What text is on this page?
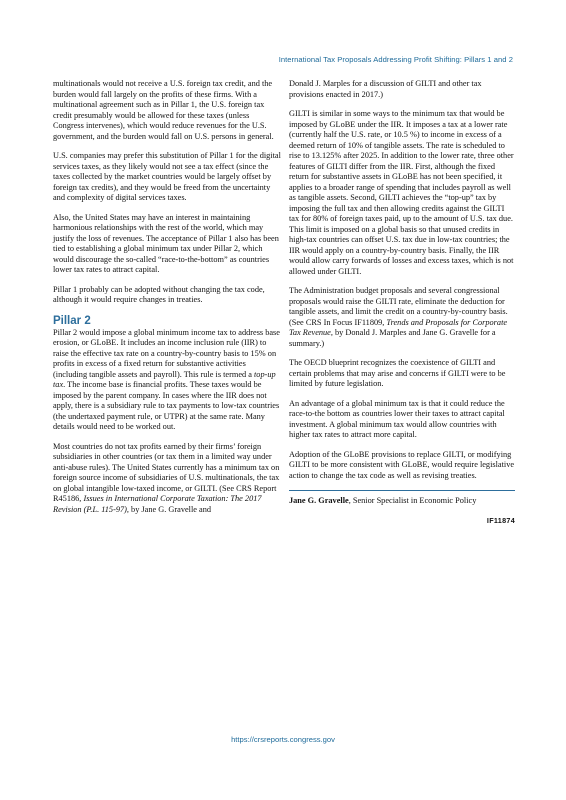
International Tax Proposals Addressing Profit Shifting: Pillars 1 and 2

multinationals would not receive a U.S. foreign tax credit, and the burden would fall largely on the profits of these firms. With a multinational agreement such as in Pillar 1, the U.S. foreign tax credit presumably would be allowed for these taxes (unless Congress intervenes), which would reduce revenues for the U.S. government, and the burden would fall on U.S. persons in general.

U.S. companies may prefer this substitution of Pillar 1 for the digital services taxes, as they likely would not see a tax effect (since the taxes collected by the market countries would be largely offset by foreign tax credits), and they would be freed from the uncertainty and complexity of digital services taxes.

Also, the United States may have an interest in maintaining harmonious relationships with the rest of the world, which may justify the loss of revenues. The acceptance of Pillar 1 also has been tied to establishing a global minimum tax under Pillar 2, which would discourage the so-called “race-to-the-bottom” as countries lower tax rates to attract capital.

Pillar 1 probably can be adopted without changing the tax code, although it would require changes in treaties.

Pillar 2

Pillar 2 would impose a global minimum income tax to address base erosion, or GLoBE. It includes an income inclusion rule (IIR) to raise the effective tax rate on a country-by-country basis to 15% on profits in excess of a fixed return for substantive activities (including tangible assets and payroll). This rule is termed a top-up tax. The income base is financial profits. These taxes would be imposed by the parent company. In cases where the IIR does not apply, there is a subsidiary rule to tax payments to low-tax countries (the undertaxed payment rule, or UTPR) at the same rate. Many details would need to be worked out.

Most countries do not tax profits earned by their firms’ foreign subsidiaries in other countries (or tax them in a limited way under anti-abuse rules). The United States currently has a minimum tax on foreign source income of subsidiaries of U.S. multinationals, the tax on global intangible low-taxed income, or GILTI. (See CRS Report R45186, Issues in International Corporate Taxation: The 2017 Revision (P.L. 115-97), by Jane G. Gravelle and

Donald J. Marples for a discussion of GILTI and other tax provisions enacted in 2017.)

GILTI is similar in some ways to the minimum tax that would be imposed by GLoBE under the IIR. It imposes a tax at a lower rate (currently half the U.S. rate, or 10.5 %) to income in excess of a deemed return of 10% of tangible assets. The rate is scheduled to rise to 13.125% after 2025. In addition to the lower rate, three other features of GILTI differ from the IIR. First, although the fixed return for substantive assets in GLoBE has not been specified, it applies to a broader range of spending that includes payroll as well as tangible assets. Second, GILTI achieves the “top-up” tax by imposing the full tax and then allowing credits against the GILTI tax for 80% of foreign taxes paid, up to the amount of U.S. tax due. This limit is imposed on a global basis so that unused credits in high-tax countries can offset U.S. tax due in low-tax countries; the IIR would apply on a country-by-country basis. Finally, the IIR would allow carry forwards of losses and excess taxes, which is not allowed under GILTI.

The Administration budget proposals and several congressional proposals would raise the GILTI rate, eliminate the deduction for tangible assets, and limit the credit on a country-by-country basis. (See CRS In Focus IF11809, Trends and Proposals for Corporate Tax Revenue, by Donald J. Marples and Jane G. Gravelle for a summary.)

The OECD blueprint recognizes the coexistence of GILTI and certain problems that may arise and concerns if GILTI were to be limited by future legislation.

An advantage of a global minimum tax is that it could reduce the race-to-the bottom as countries lower their taxes to attract capital investment. A global minimum tax would allow countries with higher tax rates to attract more capital.

Adoption of the GLoBE provisions to replace GILTI, or modifying GILTI to be more consistent with GLoBE, would require legislative action to change the tax code as well as revising treaties.

Jane G. Gravelle, Senior Specialist in Economic Policy

IF11874
https://crsreports.congress.gov
